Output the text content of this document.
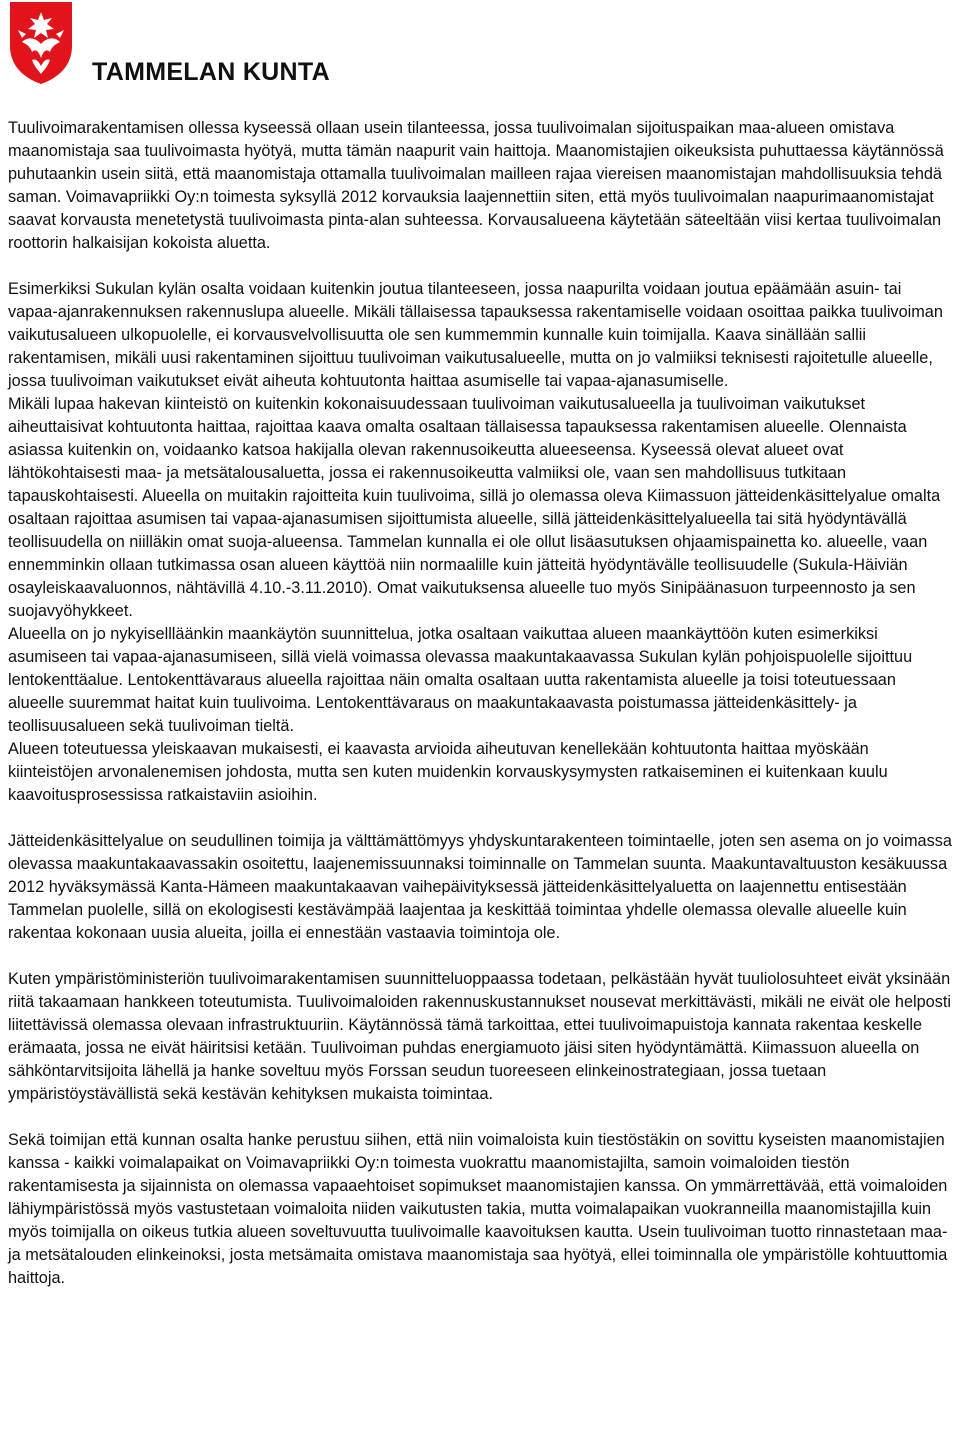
TAMMELAN KUNTA

Tuulivoimarakentamisen ollessa kyseessä ollaan usein tilanteessa, jossa tuulivoimalan sijoituspaikan maa-alueen omistava maanomistaja saa tuulivoimasta hyötyä, mutta tämän naapurit vain haittoja. Maanomistajien oikeuksista puhuttaessa käytännössä puhutaankin usein siitä, että maanomistaja ottamalla tuulivoimalan mailleen rajaa viereisen maanomistajan mahdollisuuksia tehdä saman. Voimavapriikki Oy:n toimesta syksyllä 2012 korvauksia laajennettiin siten, että myös tuulivoimalan naapurimaanomistajat saavat korvausta menetetystä tuulivoimasta pinta-alan suhteessa. Korvausalueena käytetään säteeltään viisi kertaa tuulivoimalan roottorin halkaisijan kokoista aluetta.

Esimerkiksi Sukulan kylän osalta voidaan kuitenkin joutua tilanteeseen, jossa naapurilta voidaan joutua epäämään asuin- tai vapaa-ajanrakennuksen rakennuslupa alueelle. Mikäli tällaisessa tapauksessa rakentamiselle voidaan osoittaa paikka tuulivoiman vaikutusalueen ulkopuolelle, ei korvausvelvollisuutta ole sen kummemmin kunnalle kuin toimijalla. Kaava sinällään sallii rakentamisen, mikäli uusi rakentaminen sijoittuu tuulivoiman vaikutusalueelle, mutta on jo valmiiksi teknisesti rajoitetulle alueelle, jossa tuulivoiman vaikutukset eivät aiheuta kohtuutonta haittaa asumiselle tai vapaa-ajanasumiselle.

Mikäli lupaa hakevan kiinteistö on kuitenkin kokonaisuudessaan tuulivoiman vaikutusalueella ja tuulivoiman vaikutukset aiheuttaisivat kohtuutonta haittaa, rajoittaa kaava omalta osaltaan tällaisessa tapauksessa rakentamisen alueelle. Olennaista asiassa kuitenkin on, voidaanko katsoa hakijalla olevan rakennusoikeutta alueeseensa. Kyseessä olevat alueet ovat lähtökohtaisesti maa- ja metsätalousaluetta, jossa ei rakennusoikeutta valmiiksi ole, vaan sen mahdollisuus tutkitaan tapauskohtaisesti. Alueella on muitakin rajoitteita kuin tuulivoima, sillä jo olemassa oleva Kiimassuon jätteidenkäsittelyalue omalta osaltaan rajoittaa asumisen tai vapaa-ajanasumisen sijoittumista alueelle, sillä jätteidenkäsittelyalueella tai sitä hyödyntävällä teollisuudella on niilläkin omat suoja-alueensa. Tammelan kunnalla ei ole ollut lisäasutuksen ohjaamispainetta ko. alueelle, vaan ennemminkin ollaan tutkimassa osan alueen käyttöä niin normaalille kuin jätteitä hyödyntävälle teollisuudelle (Sukula-Häiviän osayleiskaavaluonnos, nähtävillä 4.10.-3.11.2010). Omat vaikutuksensa alueelle tuo myös Sinipäänasuon turpeennosto ja sen suojavyöhykkeet.

Alueella on jo nykyisellläänkin maankäytön suunnittelua, jotka osaltaan vaikuttaa alueen maankäyttöön kuten esimerkiksi asumiseen tai vapaa-ajanasumiseen, sillä vielä voimassa olevassa maakuntakaavassa Sukulan kylän pohjoispuolelle sijoittuu lentokenttäalue. Lentokenttävaraus alueella rajoittaa näin omalta osaltaan uutta rakentamista alueelle ja toisi toteutuessaan alueelle suuremmat haitat kuin tuulivoima. Lentokenttävaraus on maakuntakaavasta poistumassa jätteidenkäsittely- ja teollisuusalueen sekä tuulivoiman tieltä.

Alueen toteutuessa yleiskaavan mukaisesti, ei kaavasta arvioida aiheutuvan kenellekään kohtuutonta haittaa myöskään kiinteistöjen arvonalenemisen johdosta, mutta sen kuten muidenkin korvauskysymysten ratkaiseminen ei kuitenkaan kuulu kaavoitusprosessissa ratkaistaviin asioihin.

Jätteidenkäsittelyalue on seudullinen toimija ja välttämättömyys yhdyskuntarakenteen toimintaelle, joten sen asema on jo voimassa olevassa maakuntakaavassakin osoitettu, laajenemissuunnaksi toiminnalle on Tammelan suunta. Maakuntavaltuuston kesäkuussa 2012 hyväksymässä Kanta-Hämeen maakuntakaavan vaihepäivityksessä jätteidenkäsittelyaluetta on laajennettu entisestään Tammelan puolelle, sillä on ekologisesti kestävämpää laajentaa ja keskittää toimintaa yhdelle olemassa olevalle alueelle kuin rakentaa kokonaan uusia alueita, joilla ei ennestään vastaavia toimintoja ole.

Kuten ympäristöministeriön tuulivoimarakentamisen suunnitteluoppaassa todetaan, pelkästään hyvät tuuliolosuhteet eivät yksinään riitä takaamaan hankkeen toteutumista. Tuulivoimaloiden rakennuskustannukset nousevat merkittävästi, mikäli ne eivät ole helposti liitettävissä olemassa olevaan infrastruktuuriin. Käytännössä tämä tarkoittaa, ettei tuulivoimapuistoja kannata rakentaa keskelle erämaata, jossa ne eivät häiritsisi ketään. Tuulivoiman puhdas energiamuoto jäisi siten hyödyntämättä. Kiimassuon alueella on sähköntarvitsijoita lähellä ja hanke soveltuu myös Forssan seudun tuoreeseen elinkeinostrategiaan, jossa tuetaan ympäristöystävällistä sekä kestävän kehityksen mukaista toimintaa.

Sekä toimijan että kunnan osalta hanke perustuu siihen, että niin voimaloista kuin tiestöstäkin on sovittu kyseisten maanomistajien kanssa - kaikki voimalapaikat on Voimavapriikki Oy:n toimesta vuokrattu maanomistajilta, samoin voimaloiden tiestön rakentamisesta ja sijainnista on olemassa vapaaehtoiset sopimukset maanomistajien kanssa. On ymmärrettävää, että voimaloiden lähiympäristössä myös vastustetaan voimaloita niiden vaikutusten takia, mutta voimalapaikan vuokranneilla maanomistajilla kuin myös toimijalla on oikeus tutkia alueen soveltuvuutta tuulivoimalle kaavoituksen kautta. Usein tuulivoiman tuotto rinnastetaan maa- ja metsätalouden elinkeinoksi, josta metsämaita omistava maanomistaja saa hyötyä, ellei toiminnalla ole ympäristölle kohtuuttomia haittoja.
